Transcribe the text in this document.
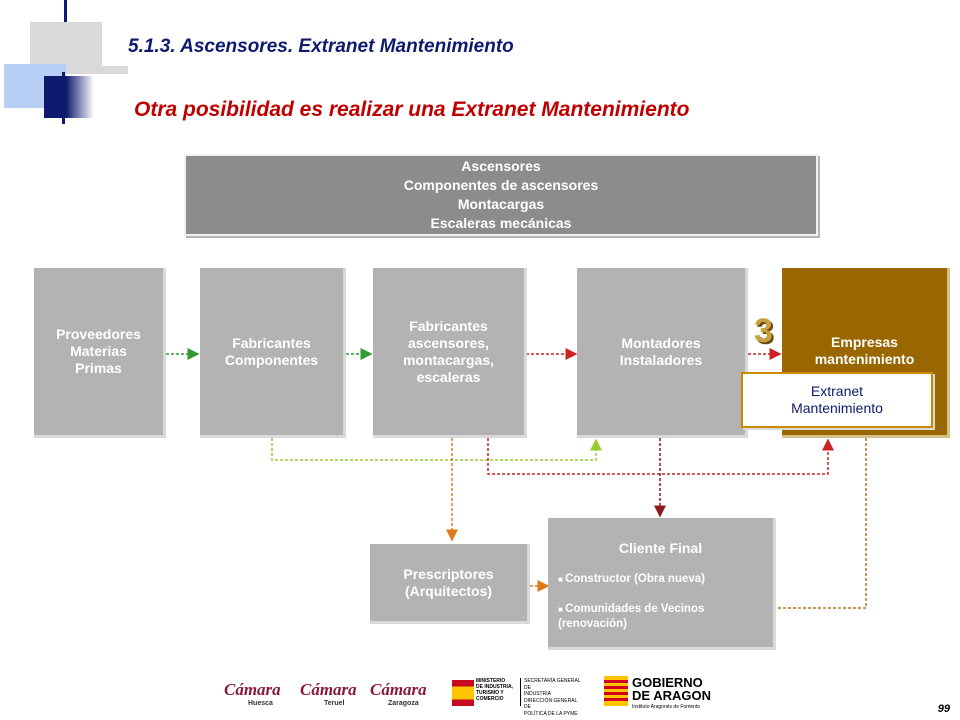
5.1.3. Ascensores. Extranet Mantenimiento
Otra posibilidad es realizar una Extranet Mantenimiento
Ascensores
Componentes de ascensores
Montacargas
Escaleras mecánicas
Proveedores Materias Primas
Fabricantes Componentes
Fabricantes ascensores, montacargas, escaleras
Montadores Instaladores
Empresas mantenimiento
3
Extranet Mantenimiento
Prescriptores (Arquitectos)
Cliente Final
■ Constructor (Obra nueva)
■ Comunidades de Vecinos (renovación)
Cámara
Huesca
Cámara
Teruel
Cámara
Zaragoza
MINISTERIO
DE INDUSTRIA,
TURISMO Y
COMERCIO
SECRETARÍA GENERAL DE
INDUSTRIA
DIRECCIÓN GENERAL DE
POLÍTICA DE LA PYME
GOBIERNO
DE ARAGON
Instituto Aragonés de Fomento	99
